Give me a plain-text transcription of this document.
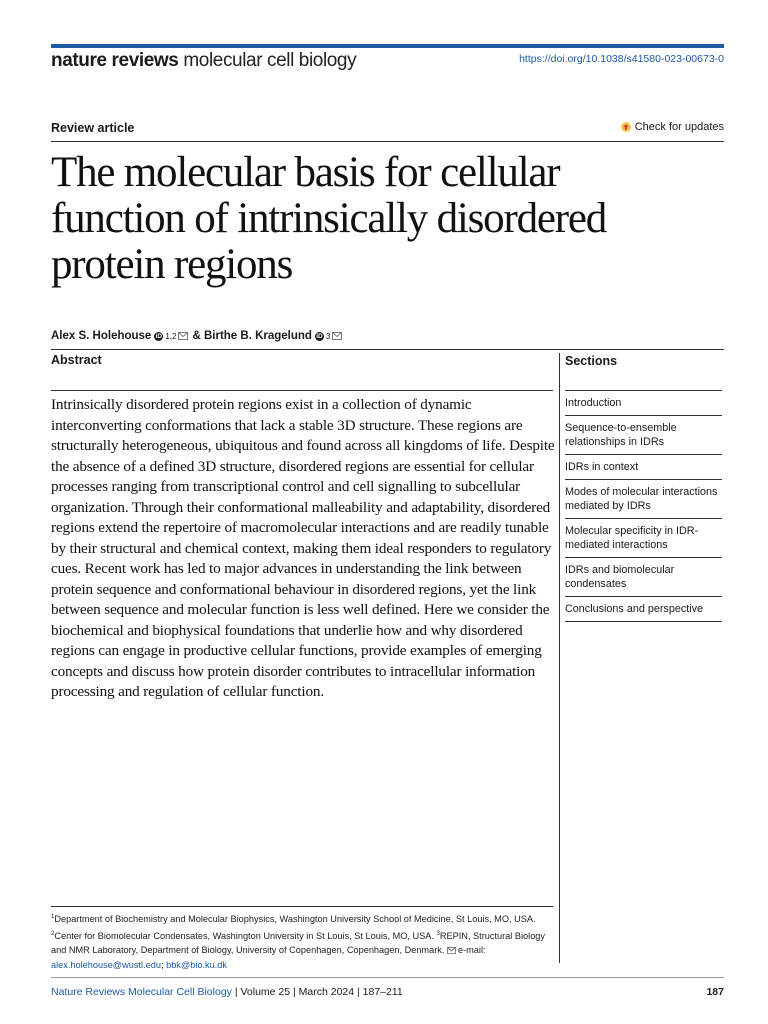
nature reviews molecular cell biology	https://doi.org/10.1038/s41580-023-00673-0
Review article	Check for updates
The molecular basis for cellular function of intrinsically disordered protein regions
Alex S. Holehouse iD 1,2 & Birthe B. Kragelund iD 3
Abstract

Intrinsically disordered protein regions exist in a collection of dynamic interconverting conformations that lack a stable 3D structure. These regions are structurally heterogeneous, ubiquitous and found across all kingdoms of life. Despite the absence of a defined 3D structure, disordered regions are essential for cellular processes ranging from transcriptional control and cell signalling to subcellular organization. Through their conformational malleability and adaptability, disordered regions extend the repertoire of macromolecular interactions and are readily tunable by their structural and chemical context, making them ideal responders to regulatory cues. Recent work has led to major advances in understanding the link between protein sequence and conformational behaviour in disordered regions, yet the link between sequence and molecular function is less well defined. Here we consider the biochemical and biophysical foundations that underlie how and why disordered regions can engage in productive cellular functions, provide examples of emerging concepts and discuss how protein disorder contributes to intracellular information processing and regulation of cellular function.

Sections
Introduction
Sequence-to-ensemble relationships in IDRs
IDRs in context
Modes of molecular interactions mediated by IDRs
Molecular specificity in IDR-mediated interactions
IDRs and biomolecular condensates
Conclusions and perspective

$^1$Department of Biochemistry and Molecular Biophysics, Washington University School of Medicine, St Louis, MO, USA. $^2$Center for Biomolecular Condensates, Washington University in St Louis, St Louis, MO, USA. $^3$REPIN, Structural Biology and NMR Laboratory, Department of Biology, University of Copenhagen, Copenhagen, Denmark. e-mail: alex.holehouse@wustl.edu; bbk@bio.ku.dk

Nature Reviews Molecular Cell Biology | Volume 25 | March 2024 | 187–211	187
